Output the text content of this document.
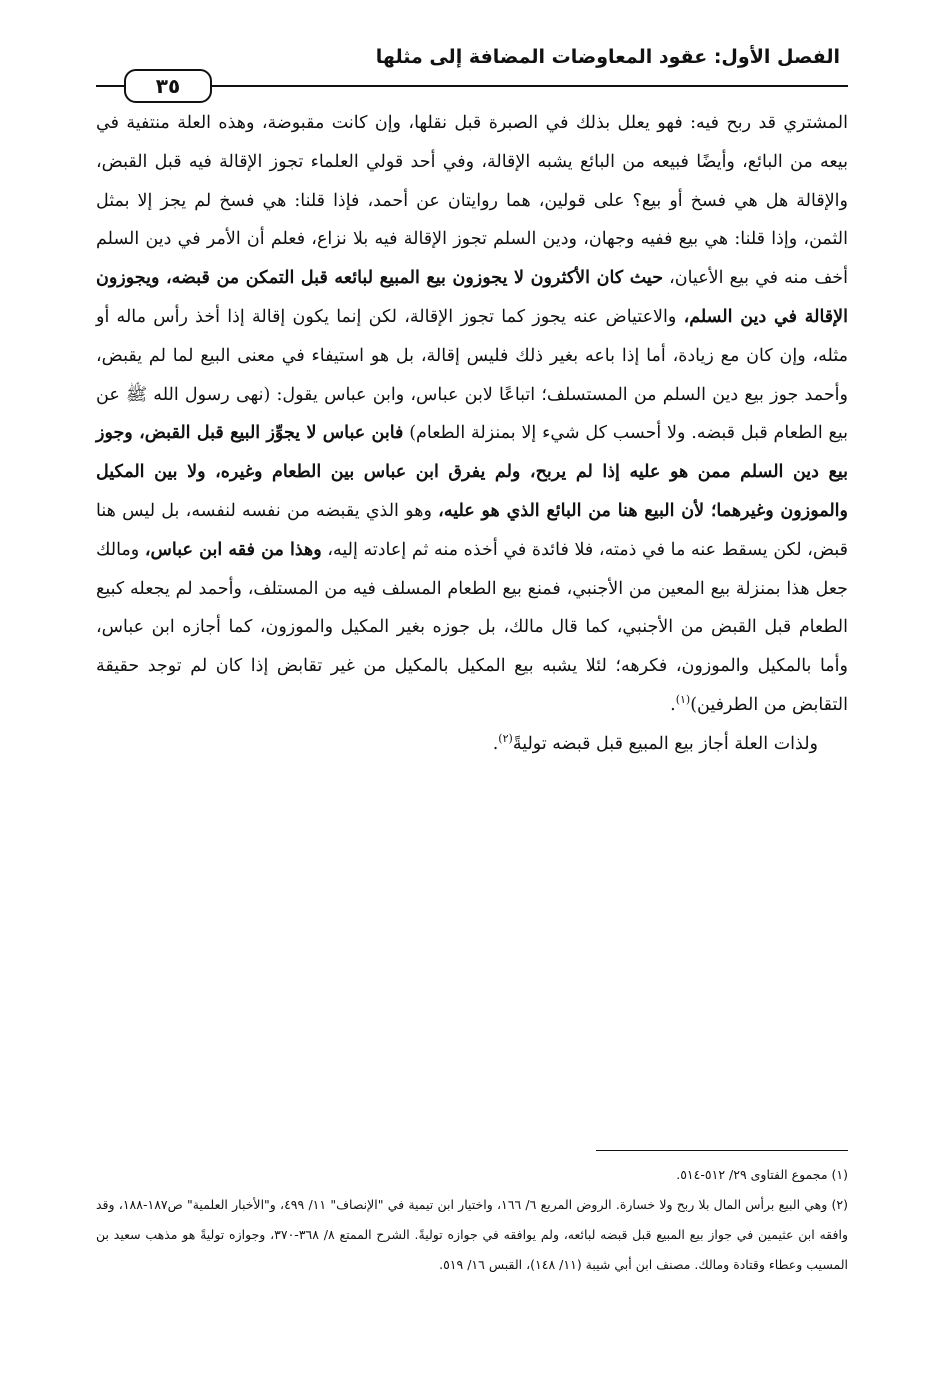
الفصل الأول: عقود المعاوضات المضافة إلى مثلها
٣٥

المشتري قد ربح فيه: فهو يعلل بذلك في الصبرة قبل نقلها، وإن كانت مقبوضة، وهذه العلة منتفية في بيعه من البائع، وأيضًا فبيعه من البائع يشبه الإقالة، وفي أحد قولي العلماء تجوز الإقالة فيه قبل القبض، والإقالة هل هي فسخ أو بيع؟ على قولين، هما روايتان عن أحمد، فإذا قلنا: هي فسخ لم يجز إلا بمثل الثمن، وإذا قلنا: هي بيع ففيه وجهان، ودين السلم تجوز الإقالة فيه بلا نزاع، فعلم أن الأمر في دين السلم أخف منه في بيع الأعيان، حيث كان الأكثرون لا يجوزون بيع المبيع لبائعه قبل التمكن من قبضه، ويجوزون الإقالة في دين السلم، والاعتياض عنه يجوز كما تجوز الإقالة، لكن إنما يكون إقالة إذا أخذ رأس ماله أو مثله، وإن كان مع زيادة، أما إذا باعه بغير ذلك فليس إقالة، بل هو استيفاء في معنى البيع لما لم يقبض، وأحمد جوز بيع دين السلم من المستسلف؛ اتباعًا لابن عباس، وابن عباس يقول: (نهى رسول الله ﷺ عن بيع الطعام قبل قبضه. ولا أحسب كل شيء إلا بمنزلة الطعام) فابن عباس لا يجوِّز البيع قبل القبض، وجوز بيع دين السلم ممن هو عليه إذا لم يربح، ولم يفرق ابن عباس بين الطعام وغيره، ولا بين المكيل والموزون وغيرهما؛ لأن البيع هنا من البائع الذي هو عليه، وهو الذي يقبضه من نفسه لنفسه، بل ليس هنا قبض، لكن يسقط عنه ما في ذمته، فلا فائدة في أخذه منه ثم إعادته إليه، وهذا من فقه ابن عباس، ومالك جعل هذا بمنزلة بيع المعين من الأجنبي، فمنع بيع الطعام المسلف فيه من المستلف، وأحمد لم يجعله كبيع الطعام قبل القبض من الأجنبي، كما قال مالك، بل جوزه بغير المكيل والموزون، كما أجازه ابن عباس، وأما بالمكيل والموزون، فكرهه؛ لئلا يشبه بيع المكيل بالمكيل من غير تقابض إذا كان لم توجد حقيقة التقابض من الطرفين)$^{(١)}$.

ولذات العلة أجاز بيع المبيع قبل قبضه توليةً$^{(٢)}$.

(١) مجموع الفتاوى ٢٩/ ٥١٢-٥١٤.

(٢) وهي البيع برأس المال بلا ربح ولا خسارة. الروض المربع ٦/ ١٦٦، واختيار ابن تيمية في "الإنصاف" ١١/ ٤٩٩، و"الأخبار العلمية" ص١٨٧-١٨٨، وقد وافقه ابن عثيمين في جواز بيع المبيع قبل قبضه لبائعه، ولم يوافقه في جوازه توليةً. الشرح الممتع ٨/ ٣٦٨-٣٧٠، وجوازه توليةً هو مذهب سعيد بن المسيب وعطاء وقتادة ومالك. مصنف ابن أبي شيبة (١١/ ١٤٨)، القبس ١٦/ ٥١٩.
